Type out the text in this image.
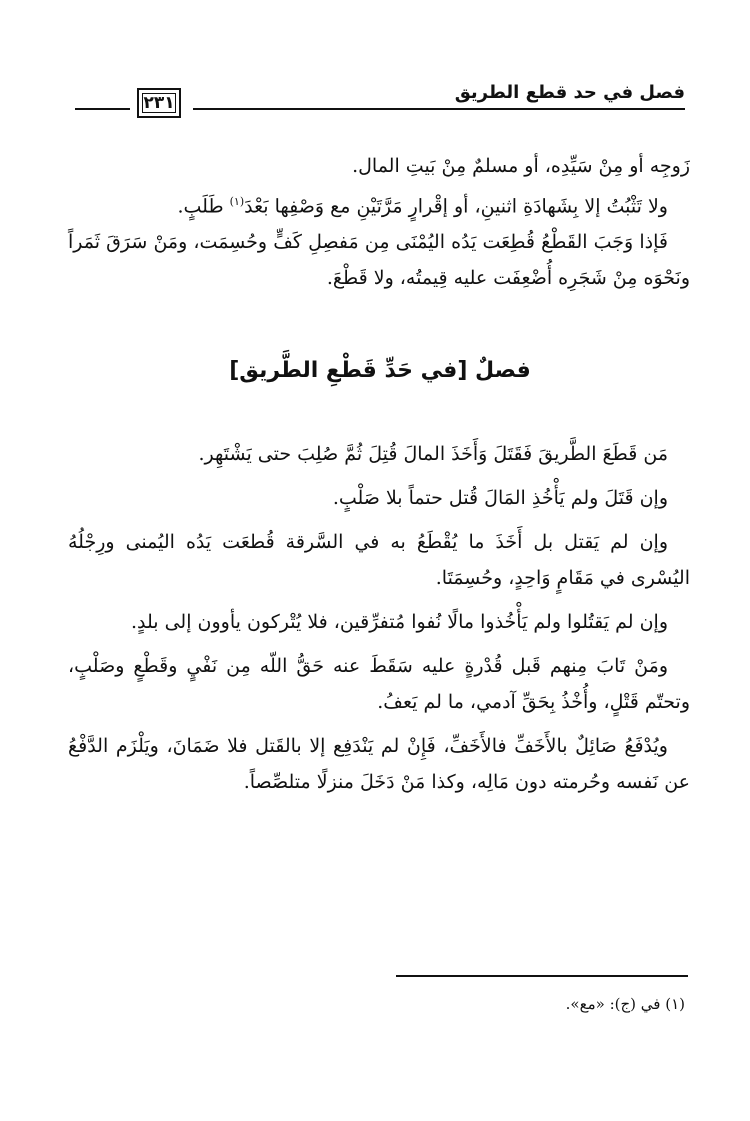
فصل في حد قطع الطريق
٢٣١

زَوجِه أو مِنْ سَيِّدِه، أو مسلمٌ مِنْ بَيتِ المال.

ولا تَثْبُتُ إلا بِشَهادَةِ اثنينِ، أو إقْرارٍ مَرَّتَيْنِ مع وَصْفِها بَعْدَ$^{(١)}$ طَلَبٍ.

فَإذا وَجَبَ القَطْعُ قُطِعَت يَدُه اليُمْنَى مِن مَفصِلِ كَفٍّ وحُسِمَت، ومَنْ سَرَقَ ثَمَراً ونَحْوَه مِنْ شَجَرِه أُضْعِفَت عليه قِيمتُه، ولا قَطْعَ.

فصلٌ [في حَدِّ قَطْعِ الطَّريق]

مَن قَطَعَ الطَّريقَ فَقَتَلَ وَأَخَذَ المالَ قُتِلَ ثُمَّ صُلِبَ حتى يَشْتَهِر.

وإن قَتَلَ ولم يَأْخُذِ المَالَ قُتل حتماً بلا صَلْبٍ.

وإن لم يَقتل بل أَخَذَ ما يُقْطَعُ به في السَّرقة قُطعَت يَدُه اليُمنى ورِجْلُهُ اليُسْرى في مَقَامٍ وَاحِدٍ، وحُسِمَتَا.

وإن لم يَقتُلوا ولم يَأْخُذوا مالًا نُفوا مُتفرِّقين، فلا يُتْركون يأوون إلى بلدٍ.

ومَنْ تَابَ مِنهم قَبل قُدْرةٍ عليه سَقَطَ عنه حَقُّ اللّه مِن نَفْيٍ وقَطْعٍ وصَلْبٍ، وتحتّم قَتْلٍ، وأُخْذُ بِحَقِّ آدمي، ما لم يَعفُ.

ويُدْفَعُ صَائِلٌ بالأَخَفِّ فالأَخَفِّ، فَإِنْ لم يَنْدَفِع إلا بالقَتل فلا ضَمَانَ، ويَلْزَم الدَّفْعُ عن نَفسه وحُرمته دون مَالِه، وكذا مَنْ دَخَلَ منزلًا متلصِّصاً.

(١) في (ج): «مع».
